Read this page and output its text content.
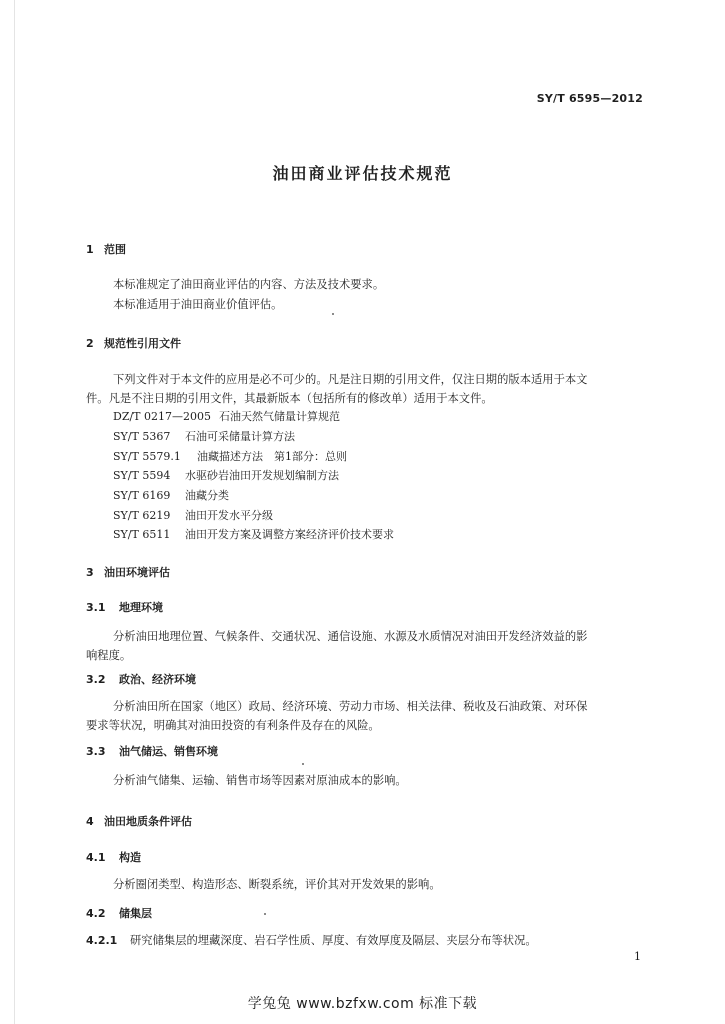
SY/T 6595—2012
油田商业评估技术规范
1 范围
本标准规定了油田商业评估的内容、方法及技术要求。
本标准适用于油田商业价值评估。
2 规范性引用文件
下列文件对于本文件的应用是必不可少的。凡是注日期的引用文件，仅注日期的版本适用于本文
件。凡是不注日期的引用文件，其最新版本（包括所有的修改单）适用于本文件。
DZ/T 0217—2005 石油天然气储量计算规范
SY/T 5367 石油可采储量计算方法
SY/T 5579.1 油藏描述方法　第1部分：总则
SY/T 5594 水驱砂岩油田开发规划编制方法
SY/T 6169 油藏分类
SY/T 6219 油田开发水平分级
SY/T 6511 油田开发方案及调整方案经济评价技术要求
3 油田环境评估
3.1 地理环境
分析油田地理位置、气候条件、交通状况、通信设施、水源及水质情况对油田开发经济效益的影
响程度。
3.2 政治、经济环境
分析油田所在国家（地区）政局、经济环境、劳动力市场、相关法律、税收及石油政策、对环保
要求等状况，明确其对油田投资的有利条件及存在的风险。
3.3 油气储运、销售环境
分析油气储集、运输、销售市场等因素对原油成本的影响。
4 油田地质条件评估
4.1 构造
分析圈闭类型、构造形态、断裂系统，评价其对开发效果的影响。
4.2 储集层
4.2.1 研究储集层的埋藏深度、岩石学性质、厚度、有效厚度及隔层、夹层分布等状况。
1
学兔兔 www.bzfxw.com 标准下载
